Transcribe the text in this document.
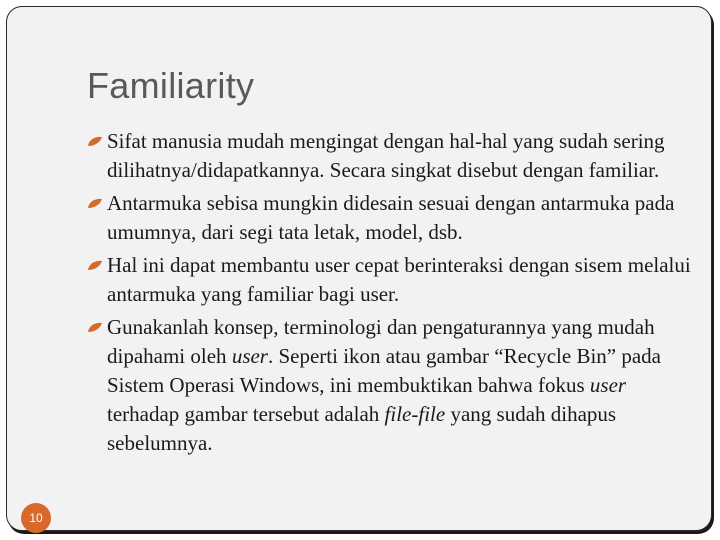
Familiarity
Sifat manusia mudah mengingat dengan hal-hal yang sudah sering dilihatnya/didapatkannya. Secara singkat disebut dengan familiar.
Antarmuka sebisa mungkin didesain sesuai dengan antarmuka pada umumnya, dari segi tata letak, model, dsb.
Hal ini dapat membantu user cepat berinteraksi dengan sisem melalui antarmuka yang familiar bagi user.
Gunakanlah konsep, terminologi dan pengaturannya yang mudah dipahami oleh user. Seperti ikon atau gambar “Recycle Bin” pada Sistem Operasi Windows, ini membuktikan bahwa fokus user terhadap gambar tersebut adalah file-file yang sudah dihapus sebelumnya.
10
